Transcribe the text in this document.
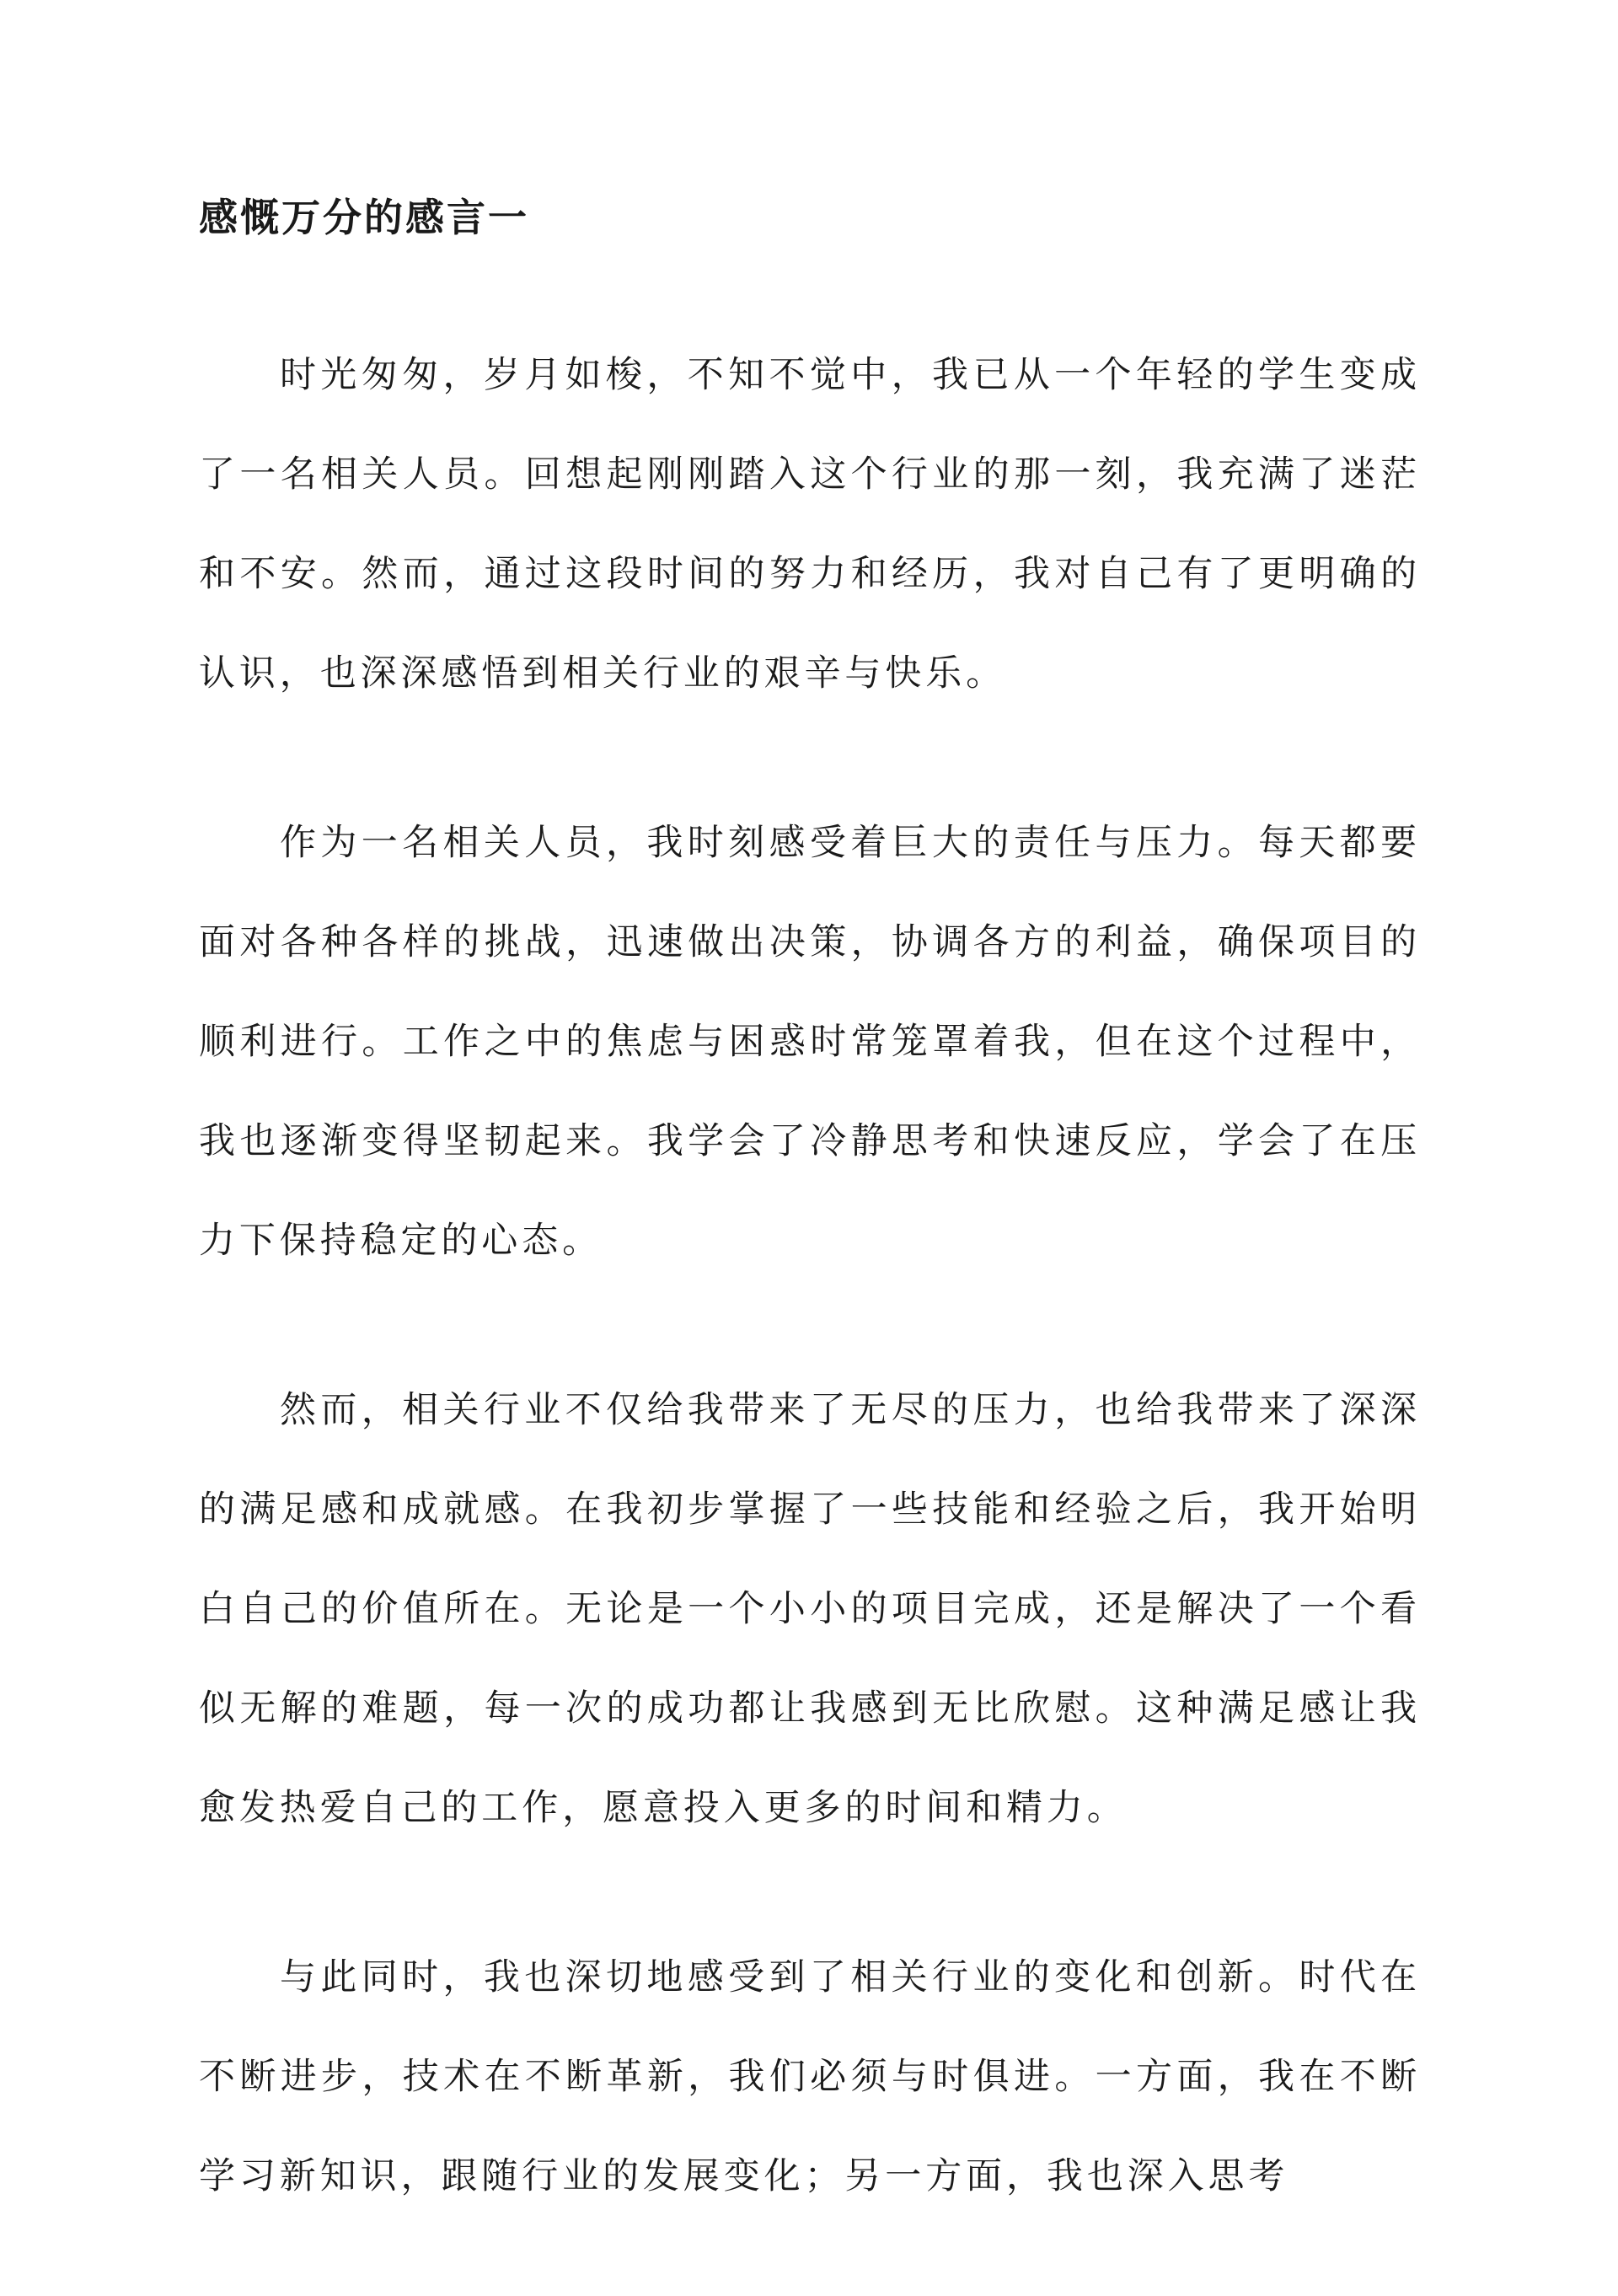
感慨万分的感言一

时光匆匆，岁月如梭，不知不觉中，我已从一个年轻的学生变成了一名相关人员。回想起刚刚踏入这个行业的那一刻，我充满了迷茫和不安。然而，通过这段时间的努力和经历，我对自己有了更明确的认识，也深深感悟到相关行业的艰辛与快乐。

作为一名相关人员，我时刻感受着巨大的责任与压力。每天都要面对各种各样的挑战，迅速做出决策，协调各方的利益，确保项目的顺利进行。工作之中的焦虑与困惑时常笼罩着我，但在这个过程中，我也逐渐变得坚韧起来。我学会了冷静思考和快速反应，学会了在压力下保持稳定的心态。

然而，相关行业不仅给我带来了无尽的压力，也给我带来了深深的满足感和成就感。在我初步掌握了一些技能和经验之后，我开始明白自己的价值所在。无论是一个小小的项目完成，还是解决了一个看似无解的难题，每一次的成功都让我感到无比欣慰。这种满足感让我愈发热爱自己的工作，愿意投入更多的时间和精力。

与此同时，我也深切地感受到了相关行业的变化和创新。时代在不断进步，技术在不断革新，我们必须与时俱进。一方面，我在不断学习新知识，跟随行业的发展变化；另一方面，我也深入思考
